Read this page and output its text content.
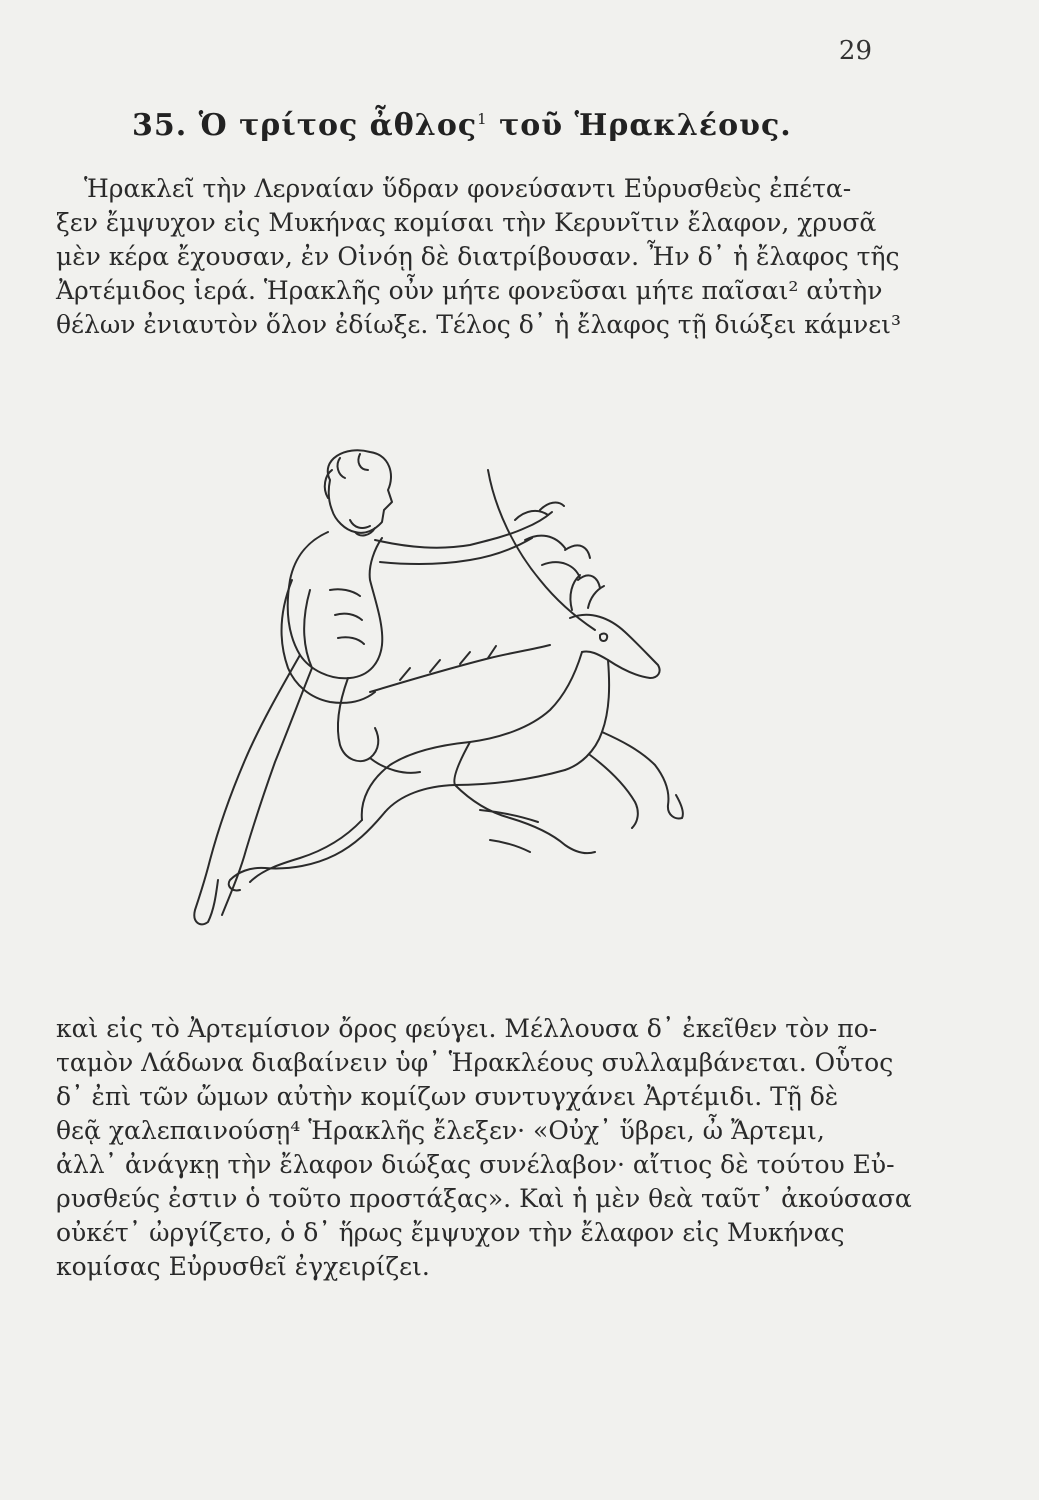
29
35. Ὁ τρίτος ἆθλος$^1$ τοῦ Ἡρακλέους.
Ἡρακλεῖ τὴν Λερναίαν ὕδραν φονεύσαντι Εὐρυσθεὺς ἐπέτα-
ξεν ἔμψυχον εἰς Μυκήνας κομίσαι τὴν Κερυνῖτιν ἔλαφον, χρυσᾶ
μὲν κέρα ἔχουσαν, ἐν Οἰνόῃ δὲ διατρίβουσαν. Ἦν δ᾽ ἡ ἔλαφος τῆς
Ἀρτέμιδος ἱερά. Ἡρακλῆς οὖν μήτε φονεῦσαι μήτε παῖσαι² αὐτὴν
θέλων ἐνιαυτὸν ὅλον ἐδίωξε. Τέλος δ᾽ ἡ ἔλαφος τῇ διώξει κάμνει³
καὶ εἰς τὸ Ἀρτεμίσιον ὄρος φεύγει. Μέλλουσα δ᾽ ἐκεῖθεν τὸν πο-
ταμὸν Λάδωνα διαβαίνειν ὑφ᾽ Ἡρακλέους συλλαμβάνεται. Οὗτος
δ᾽ ἐπὶ τῶν ὤμων αὐτὴν κομίζων συντυγχάνει Ἀρτέμιδι. Τῇ δὲ
θεᾷ χαλεπαινούσῃ⁴ Ἡρακλῆς ἔλεξεν· «Οὐχ᾽ ὕβρει, ὦ Ἄρτεμι,
ἀλλ᾽ ἀνάγκῃ τὴν ἔλαφον διώξας συνέλαβον· αἴτιος δὲ τούτου Εὐ-
ρυσθεύς ἐστιν ὁ τοῦτο προστάξας». Καὶ ἡ μὲν θεὰ ταῦτ᾽ ἀκούσασα
οὐκέτ᾽ ὠργίζετο, ὁ δ᾽ ἥρως ἔμψυχον τὴν ἔλαφον εἰς Μυκήνας
κομίσας Εὐρυσθεῖ ἐγχειρίζει.
